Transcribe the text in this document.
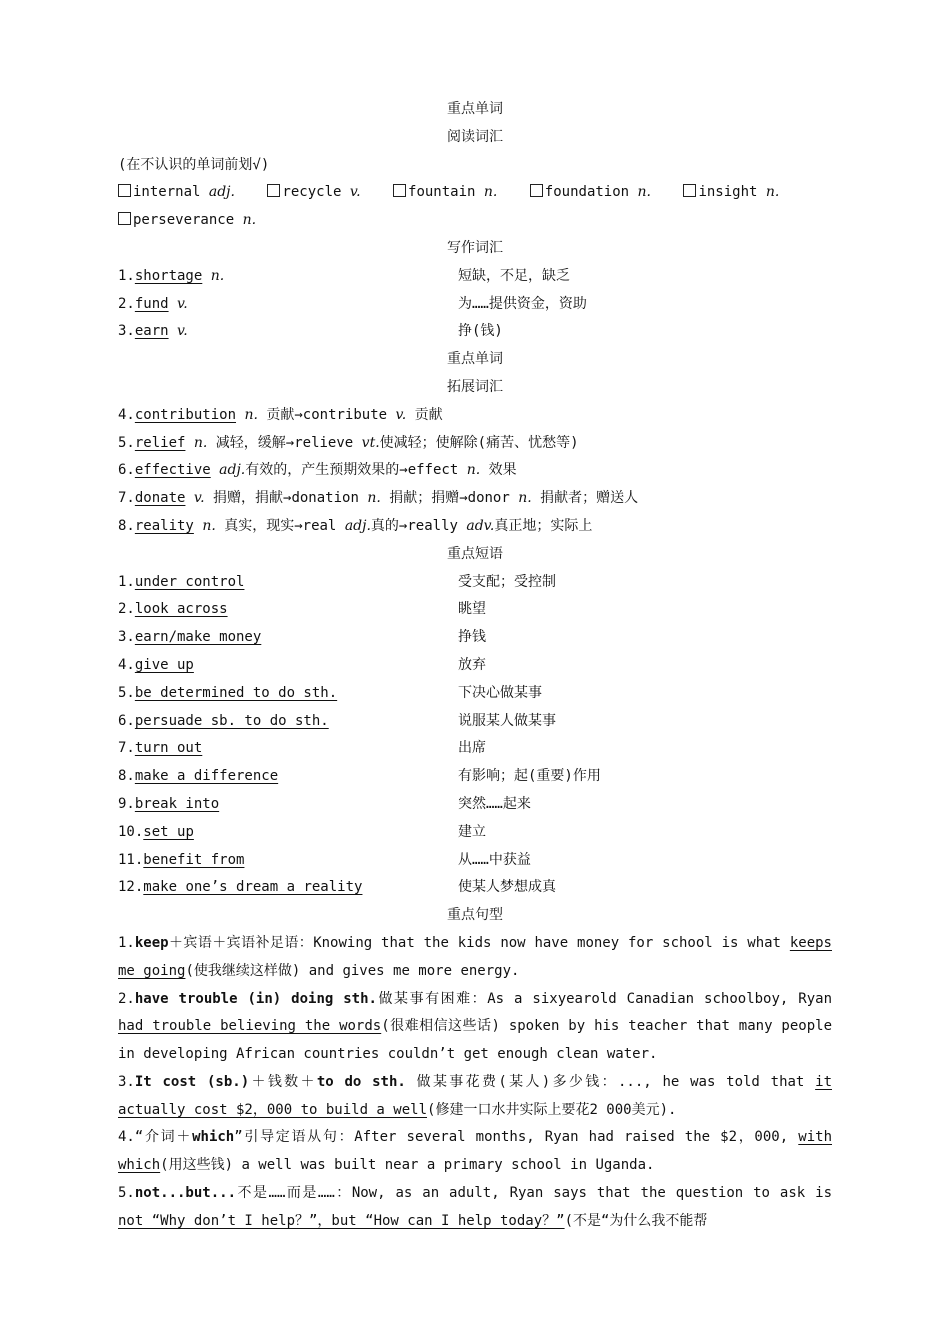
重点单词
阅读词汇
(在不认识的单词前划√)
internal adj.	recycle v.	fountain n.	foundation n.	insight n.
perseverance n.
写作词汇
1.shortage n.	短缺，不足，缺乏
2.fund v.	为……提供资金，资助
3.earn v.	挣(钱)
重点单词
拓展词汇
4.contribution n. 贡献→contribute v. 贡献
5.relief n. 减轻，缓解→relieve vt.使减轻；使解除(痛苦、忧愁等)
6.effective adj.有效的，产生预期效果的→effect n. 效果
7.donate v. 捐赠，捐献→donation n. 捐献；捐赠→donor n. 捐献者；赠送人
8.reality n. 真实，现实→real adj.真的→really adv.真正地；实际上
重点短语
1.under control	受支配；受控制
2.look across	眺望
3.earn/make money	挣钱
4.give up	放弃
5.be determined to do sth.	下决心做某事
6.persuade sb. to do sth.	说服某人做某事
7.turn out	出席
8.make a difference	有影响；起(重要)作用
9.break into	突然……起来
10.set up	建立
11.benefit from	从……中获益
12.make one’s dream a reality	使某人梦想成真
重点句型
1.keep＋宾语＋宾语补足语：Knowing that the kids now have money for school is what keeps me going(使我继续这样做) and gives me more energy.
2.have trouble (in) doing sth.做某事有困难：As a sixyearold Canadian schoolboy, Ryan had trouble believing the words(很难相信这些话) spoken by his teacher that many people in developing African countries couldn’t get enough clean water.
3.It cost (sb.)＋钱数＋to do sth. 做某事花费(某人)多少钱：..., he was told that it actually cost $2，000 to build a well(修建一口水井实际上要花2 000美元).
4.“介词＋which”引导定语从句：After several months, Ryan had raised the $2，000, with which(用这些钱) a well was built near a primary school in Uganda.
5.not...but...不是……而是……：Now, as an adult, Ryan says that the question to ask is not “Why don’t I help？”，but “How can I help today？”(不是“为什么我不能帮
